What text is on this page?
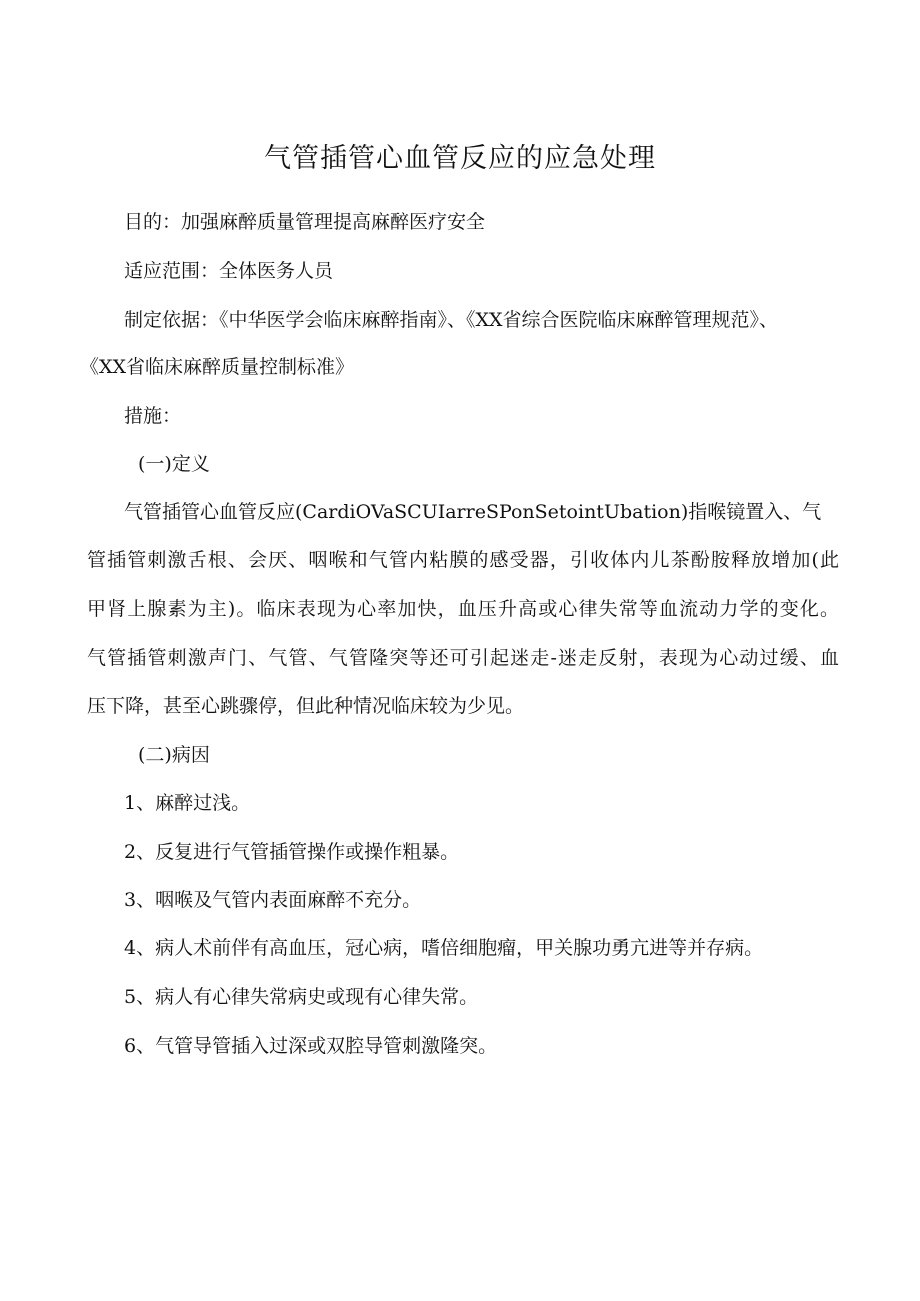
气管插管心血管反应的应急处理

目的：加强麻醉质量管理提高麻醉医疗安全

适应范围：全体医务人员

制定依据：《中华医学会临床麻醉指南》、《XX省综合医院临床麻醉管理规范》、

《XX省临床麻醉质量控制标准》

措施：

(一)定义

气管插管心血管反应(CardiOVaSCUIarreSPonSetointUbation)指喉镜置入、气

管插管刺激舌根、会厌、咽喉和气管内粘膜的感受器，引收体内儿茶酚胺释放增加(此

甲肾上腺素为主)。临床表现为心率加快，血压升高或心律失常等血流动力学的变化。

气管插管刺激声门、气管、气管隆突等还可引起迷走-迷走反射，表现为心动过缓、血

压下降，甚至心跳骤停，但此种情况临床较为少见。

(二)病因

1、麻醉过浅。

2、反复进行气管插管操作或操作粗暴。

3、咽喉及气管内表面麻醉不充分。

4、病人术前伴有高血压，冠心病，嗜倍细胞瘤，甲关腺功勇亢进等并存病。

5、病人有心律失常病史或现有心律失常。

6、气管导管插入过深或双腔导管刺激隆突。
